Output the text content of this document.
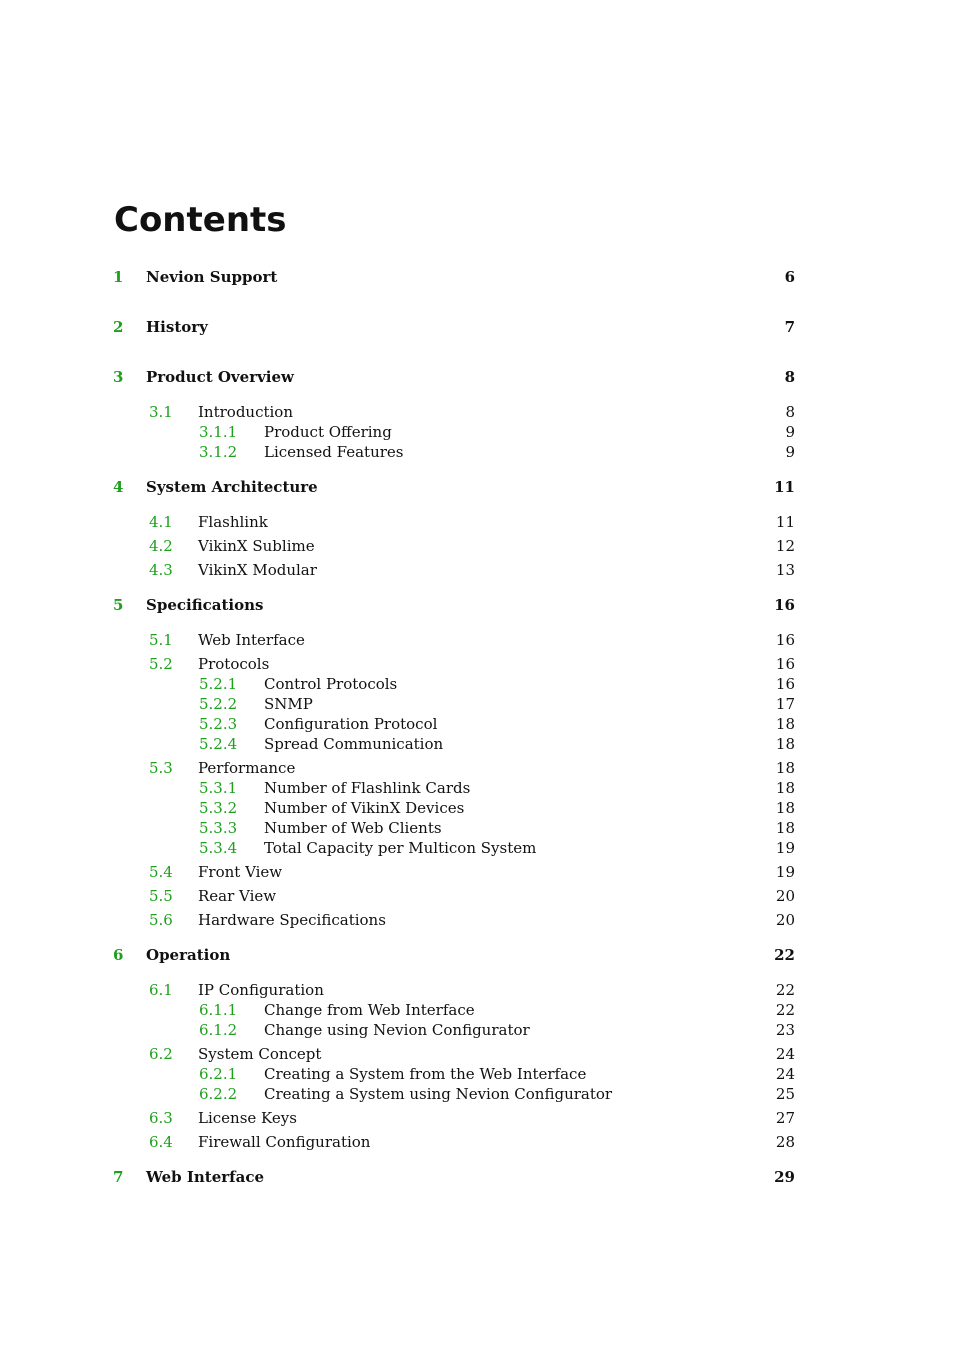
Contents
1 Nevion Support	6
2 History	7
3 Product Overview	8
3.1 Introduction	8
3.1.1 Product Offering	9
3.1.2 Licensed Features	9
4 System Architecture	11
4.1 Flashlink	11
4.2 VikinX Sublime	12
4.3 VikinX Modular	13
5 Specifications	16
5.1 Web Interface	16
5.2 Protocols	16
5.2.1 Control Protocols	16
5.2.2 SNMP	17
5.2.3 Configuration Protocol	18
5.2.4 Spread Communication	18
5.3 Performance	18
5.3.1 Number of Flashlink Cards	18
5.3.2 Number of VikinX Devices	18
5.3.3 Number of Web Clients	18
5.3.4 Total Capacity per Multicon System	19
5.4 Front View	19
5.5 Rear View	20
5.6 Hardware Specifications	20
6 Operation	22
6.1 IP Configuration	22
6.1.1 Change from Web Interface	22
6.1.2 Change using Nevion Configurator	23
6.2 System Concept	24
6.2.1 Creating a System from the Web Interface	24
6.2.2 Creating a System using Nevion Configurator	25
6.3 License Keys	27
6.4 Firewall Configuration	28
7 Web Interface	29
